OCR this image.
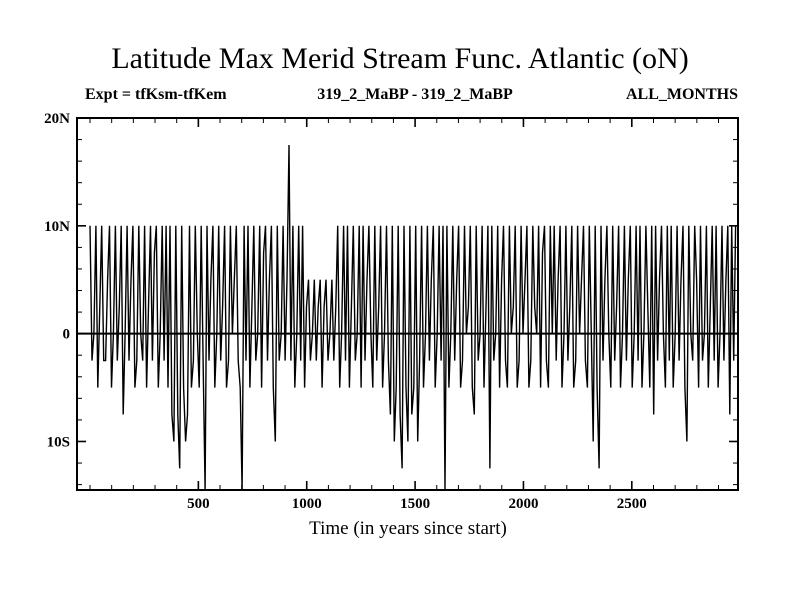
Latitude Max Merid Stream Func. Atlantic (oN)
Expt = tfKsm-tfKem	319_2_MaBP - 319_2_MaBP	ALL_MONTHS
500	1000	1500	2000	2500
20N
10N
0
10S
Time (in years since start)
